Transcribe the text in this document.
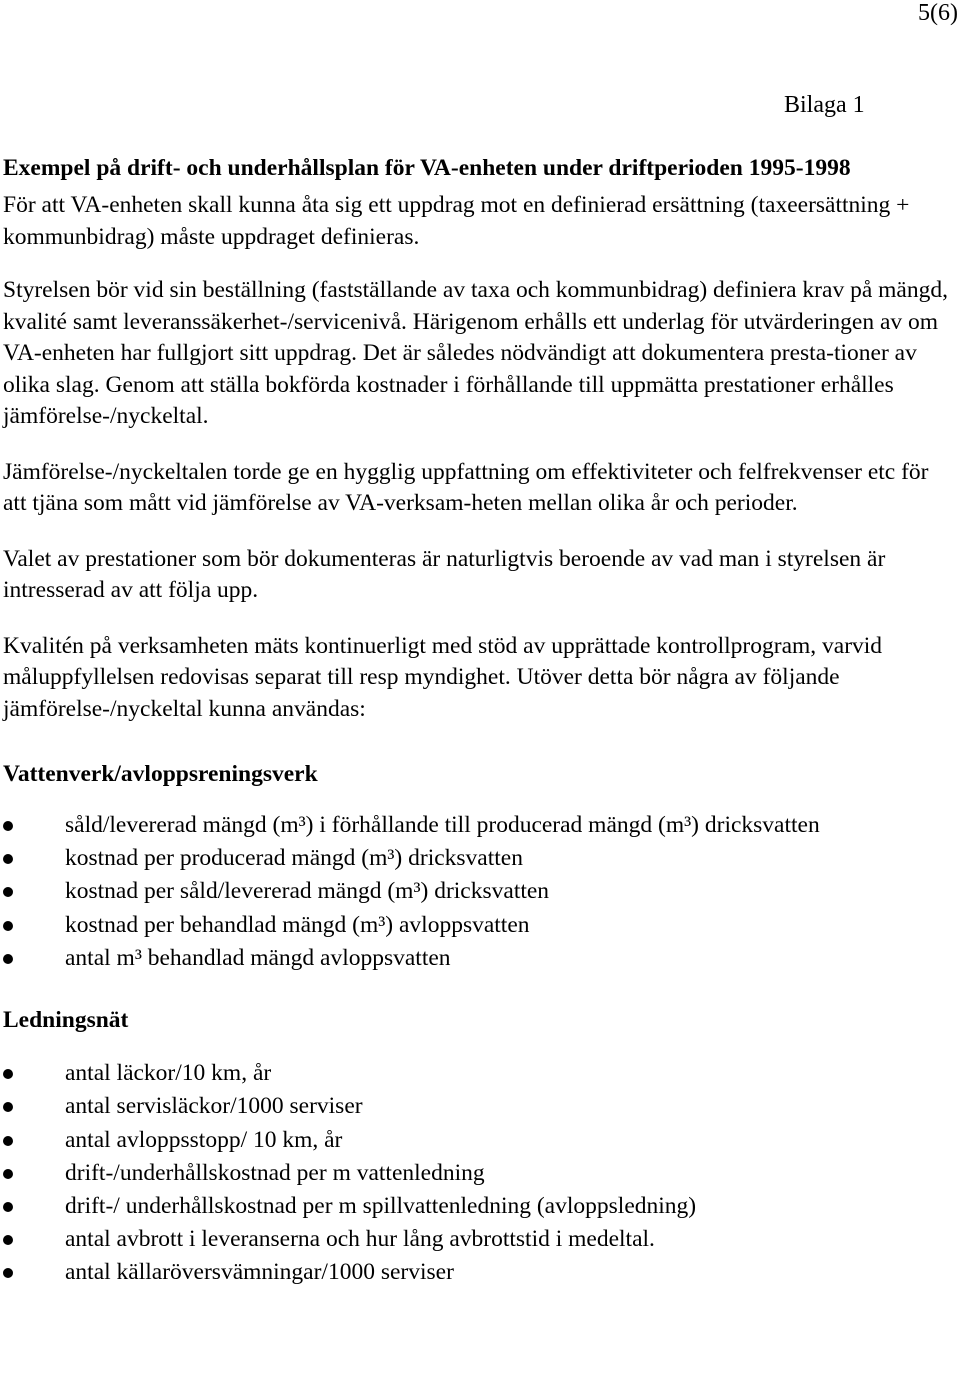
5(6)
Bilaga 1
Exempel på drift- och underhållsplan för VA-enheten under driftperioden 1995-1998

För att VA-enheten skall kunna åta sig ett uppdrag mot en definierad ersättning (taxeersättning + kommunbidrag) måste uppdraget definieras.

Styrelsen bör vid sin beställning (fastställande av taxa och kommunbidrag) definiera krav på mängd, kvalité samt leveranssäkerhet-/servicenivå. Härigenom erhålls ett underlag för utvärderingen av om VA-enheten har fullgjort sitt uppdrag. Det är således nödvändigt att dokumentera presta-tioner av olika slag. Genom att ställa bokförda kostnader i förhållande till uppmätta prestationer erhålles jämförelse-/nyckeltal.

Jämförelse-/nyckeltalen torde ge en hygglig uppfattning om effektiviteter och felfrekvenser etc för att tjäna som mått vid jämförelse av VA-verksam-heten mellan olika år och perioder.

Valet av prestationer som bör dokumenteras är naturligtvis beroende av vad man i styrelsen är intresserad av att följa upp.

Kvalitén på verksamheten mäts kontinuerligt med stöd av upprättade kontrollprogram, varvid måluppfyllelsen redovisas separat till resp myndighet. Utöver detta bör några av följande jämförelse-/nyckeltal kunna användas:

Vattenverk/avloppsreningsverk
såld/levererad mängd (m³) i förhållande till producerad mängd (m³) dricksvatten
kostnad per producerad mängd (m³) dricksvatten
kostnad per såld/levererad mängd (m³) dricksvatten
kostnad per behandlad mängd (m³) avloppsvatten
antal m³ behandlad mängd avloppsvatten
Ledningsnät
antal läckor/10 km, år
antal servisläckor/1000 serviser
antal avloppsstopp/ 10 km, år
drift-/underhållskostnad per m vattenledning
drift-/ underhållskostnad per m spillvattenledning (avloppsledning)
antal avbrott i leveranserna och hur lång avbrottstid i medeltal.
antal källaröversvämningar/1000 serviser
